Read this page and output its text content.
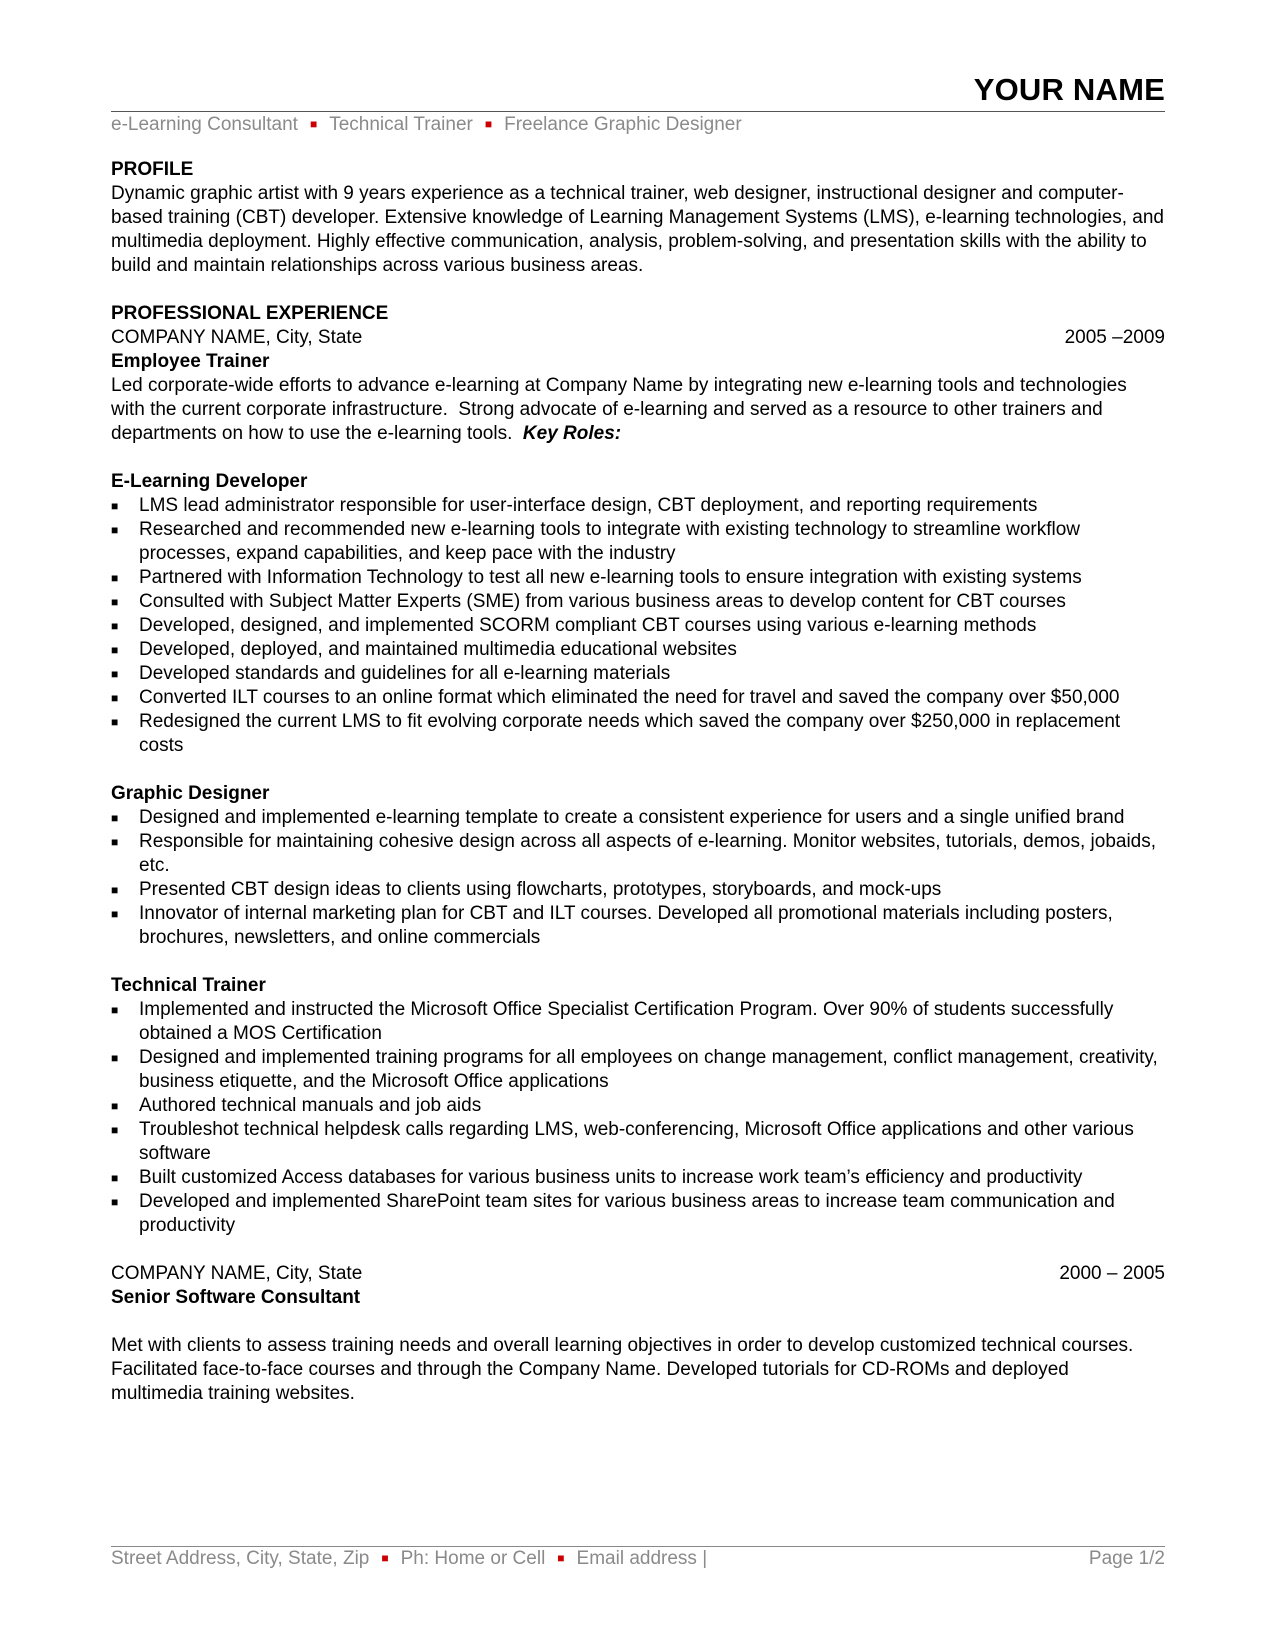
YOUR NAME
e-Learning Consultant ■ Technical Trainer ■ Freelance Graphic Designer
PROFILE

Dynamic graphic artist with 9 years experience as a technical trainer, web designer, instructional designer and computer-based training (CBT) developer. Extensive knowledge of Learning Management Systems (LMS), e-learning technologies, and multimedia deployment. Highly effective communication, analysis, problem-solving, and presentation skills with the ability to build and maintain relationships across various business areas.

PROFESSIONAL EXPERIENCE
COMPANY NAME, City, State	2005 –2009
Employee Trainer

Led corporate-wide efforts to advance e-learning at Company Name by integrating new e-learning tools and technologies with the current corporate infrastructure.  Strong advocate of e-learning and served as a resource to other trainers and departments on how to use the e-learning tools.  Key Roles:

E-Learning Developer
■ LMS lead administrator responsible for user-interface design, CBT deployment, and reporting requirements
■ Researched and recommended new e-learning tools to integrate with existing technology to streamline workflow processes, expand capabilities, and keep pace with the industry
■ Partnered with Information Technology to test all new e-learning tools to ensure integration with existing systems
■ Consulted with Subject Matter Experts (SME) from various business areas to develop content for CBT courses
■ Developed, designed, and implemented SCORM compliant CBT courses using various e-learning methods
■ Developed, deployed, and maintained multimedia educational websites
■ Developed standards and guidelines for all e-learning materials
■ Converted ILT courses to an online format which eliminated the need for travel and saved the company over $50,000
■ Redesigned the current LMS to fit evolving corporate needs which saved the company over $250,000 in replacement costs
Graphic Designer
■ Designed and implemented e-learning template to create a consistent experience for users and a single unified brand
■ Responsible for maintaining cohesive design across all aspects of e-learning. Monitor websites, tutorials, demos, jobaids, etc.
■ Presented CBT design ideas to clients using flowcharts, prototypes, storyboards, and mock-ups
■ Innovator of internal marketing plan for CBT and ILT courses. Developed all promotional materials including posters, brochures, newsletters, and online commercials
Technical Trainer
■ Implemented and instructed the Microsoft Office Specialist Certification Program. Over 90% of students successfully obtained a MOS Certification
■ Designed and implemented training programs for all employees on change management, conflict management, creativity, business etiquette, and the Microsoft Office applications
■ Authored technical manuals and job aids
■ Troubleshot technical helpdesk calls regarding LMS, web-conferencing, Microsoft Office applications and other various software
■ Built customized Access databases for various business units to increase work team’s efficiency and productivity
■ Developed and implemented SharePoint team sites for various business areas to increase team communication and productivity
COMPANY NAME, City, State	2000 – 2005
Senior Software Consultant

Met with clients to assess training needs and overall learning objectives in order to develop customized technical courses. Facilitated face-to-face courses and through the Company Name. Developed tutorials for CD-ROMs and deployed multimedia training websites.

Street Address, City, State, Zip ■ Ph: Home or Cell ■ Email address |	Page 1/2
